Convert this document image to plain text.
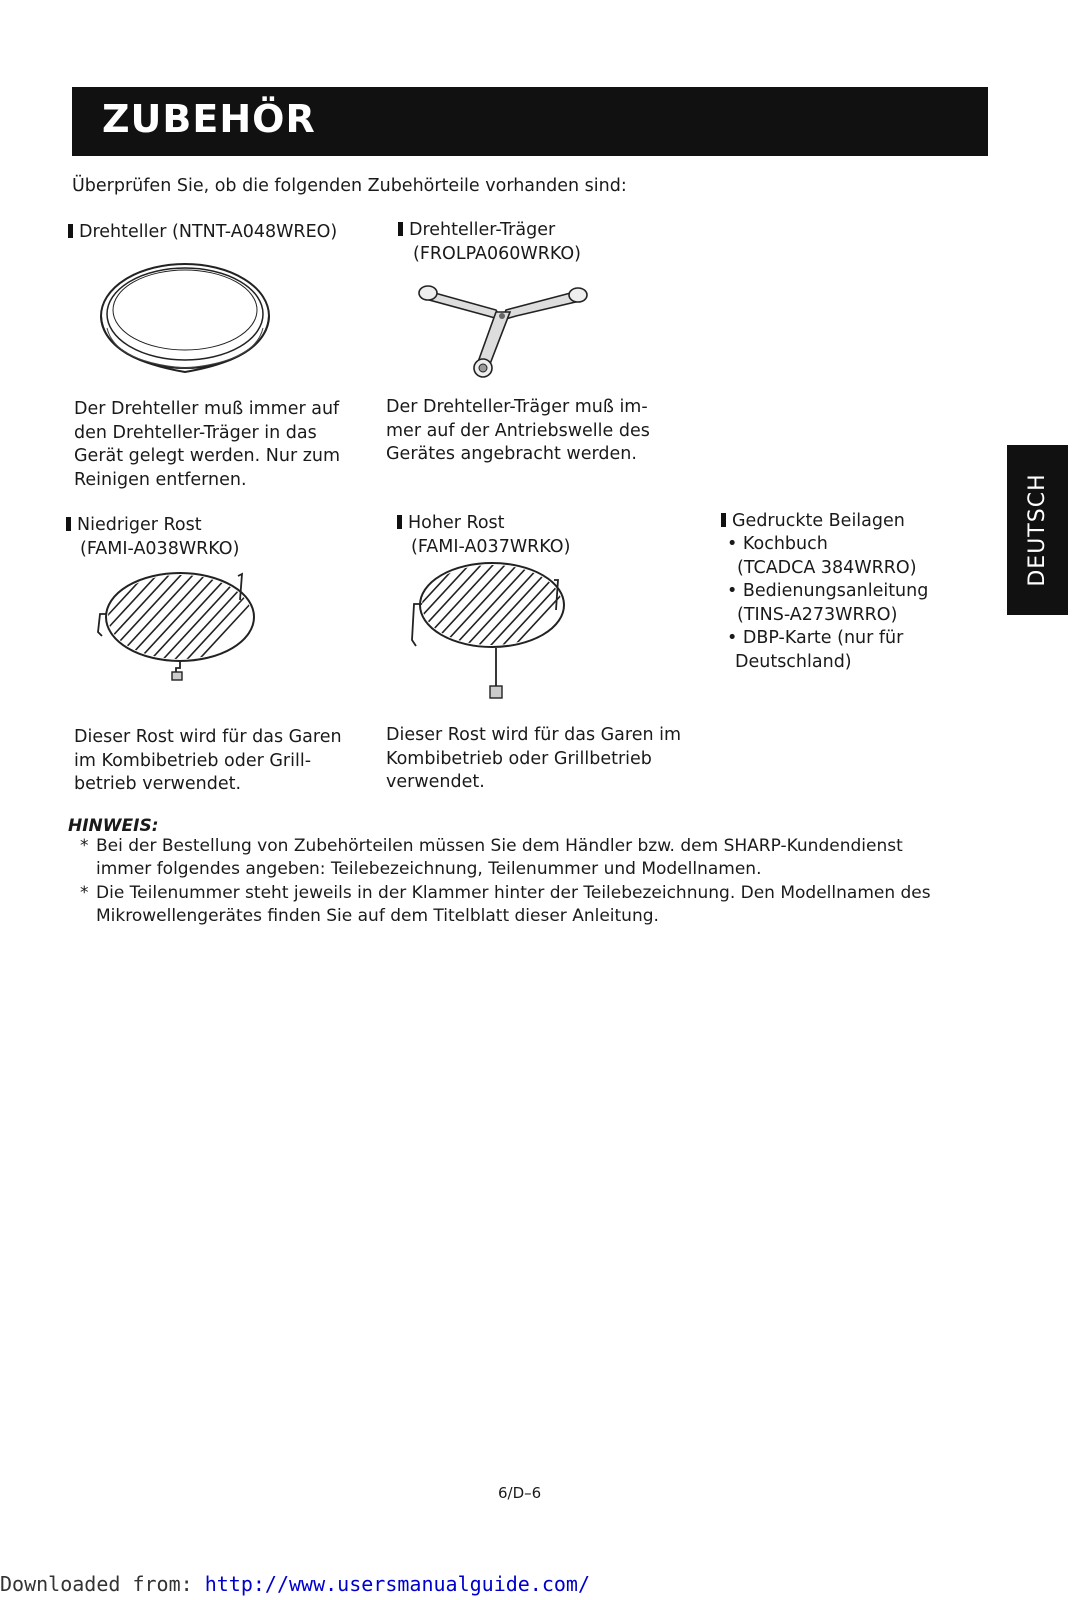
ZUBEHÖR
Überprüfen Sie, ob die folgenden Zubehörteile vorhanden sind:
DEUTSCH
Drehteller (NTNT-A048WREO)
Der Drehteller muß immer auf
den Drehteller-Träger in das
Gerät gelegt werden. Nur zum
Reinigen entfernen.
Drehteller-Träger
(FROLPA060WRKO)
Der Drehteller-Träger muß im-
mer auf der Antriebswelle des
Gerätes angebracht werden.
Niedriger Rost
(FAMI-A038WRKO)
Dieser Rost wird für das Garen
im Kombibetrieb oder Grill-
betrieb verwendet.
Hoher Rost
(FAMI-A037WRKO)
Dieser Rost wird für das Garen im
Kombibetrieb oder Grillbetrieb
verwendet.
Gedruckte Beilagen
• Kochbuch
(TCADCA 384WRRO)
• Bedienungsanleitung
(TINS-A273WRRO)
• DBP-Karte (nur für
Deutschland)
HINWEIS:
* Bei der Bestellung von Zubehörteilen müssen Sie dem Händler bzw. dem SHARP-Kundendienst
immer folgendes angeben: Teilebezeichnung, Teilenummer und Modellnamen.
* Die Teilenummer steht jeweils in der Klammer hinter der Teilebezeichnung. Den Modellnamen des
Mikrowellengerätes finden Sie auf dem Titelblatt dieser Anleitung.
6/D–6
Downloaded from: http://www.usersmanualguide.com/
